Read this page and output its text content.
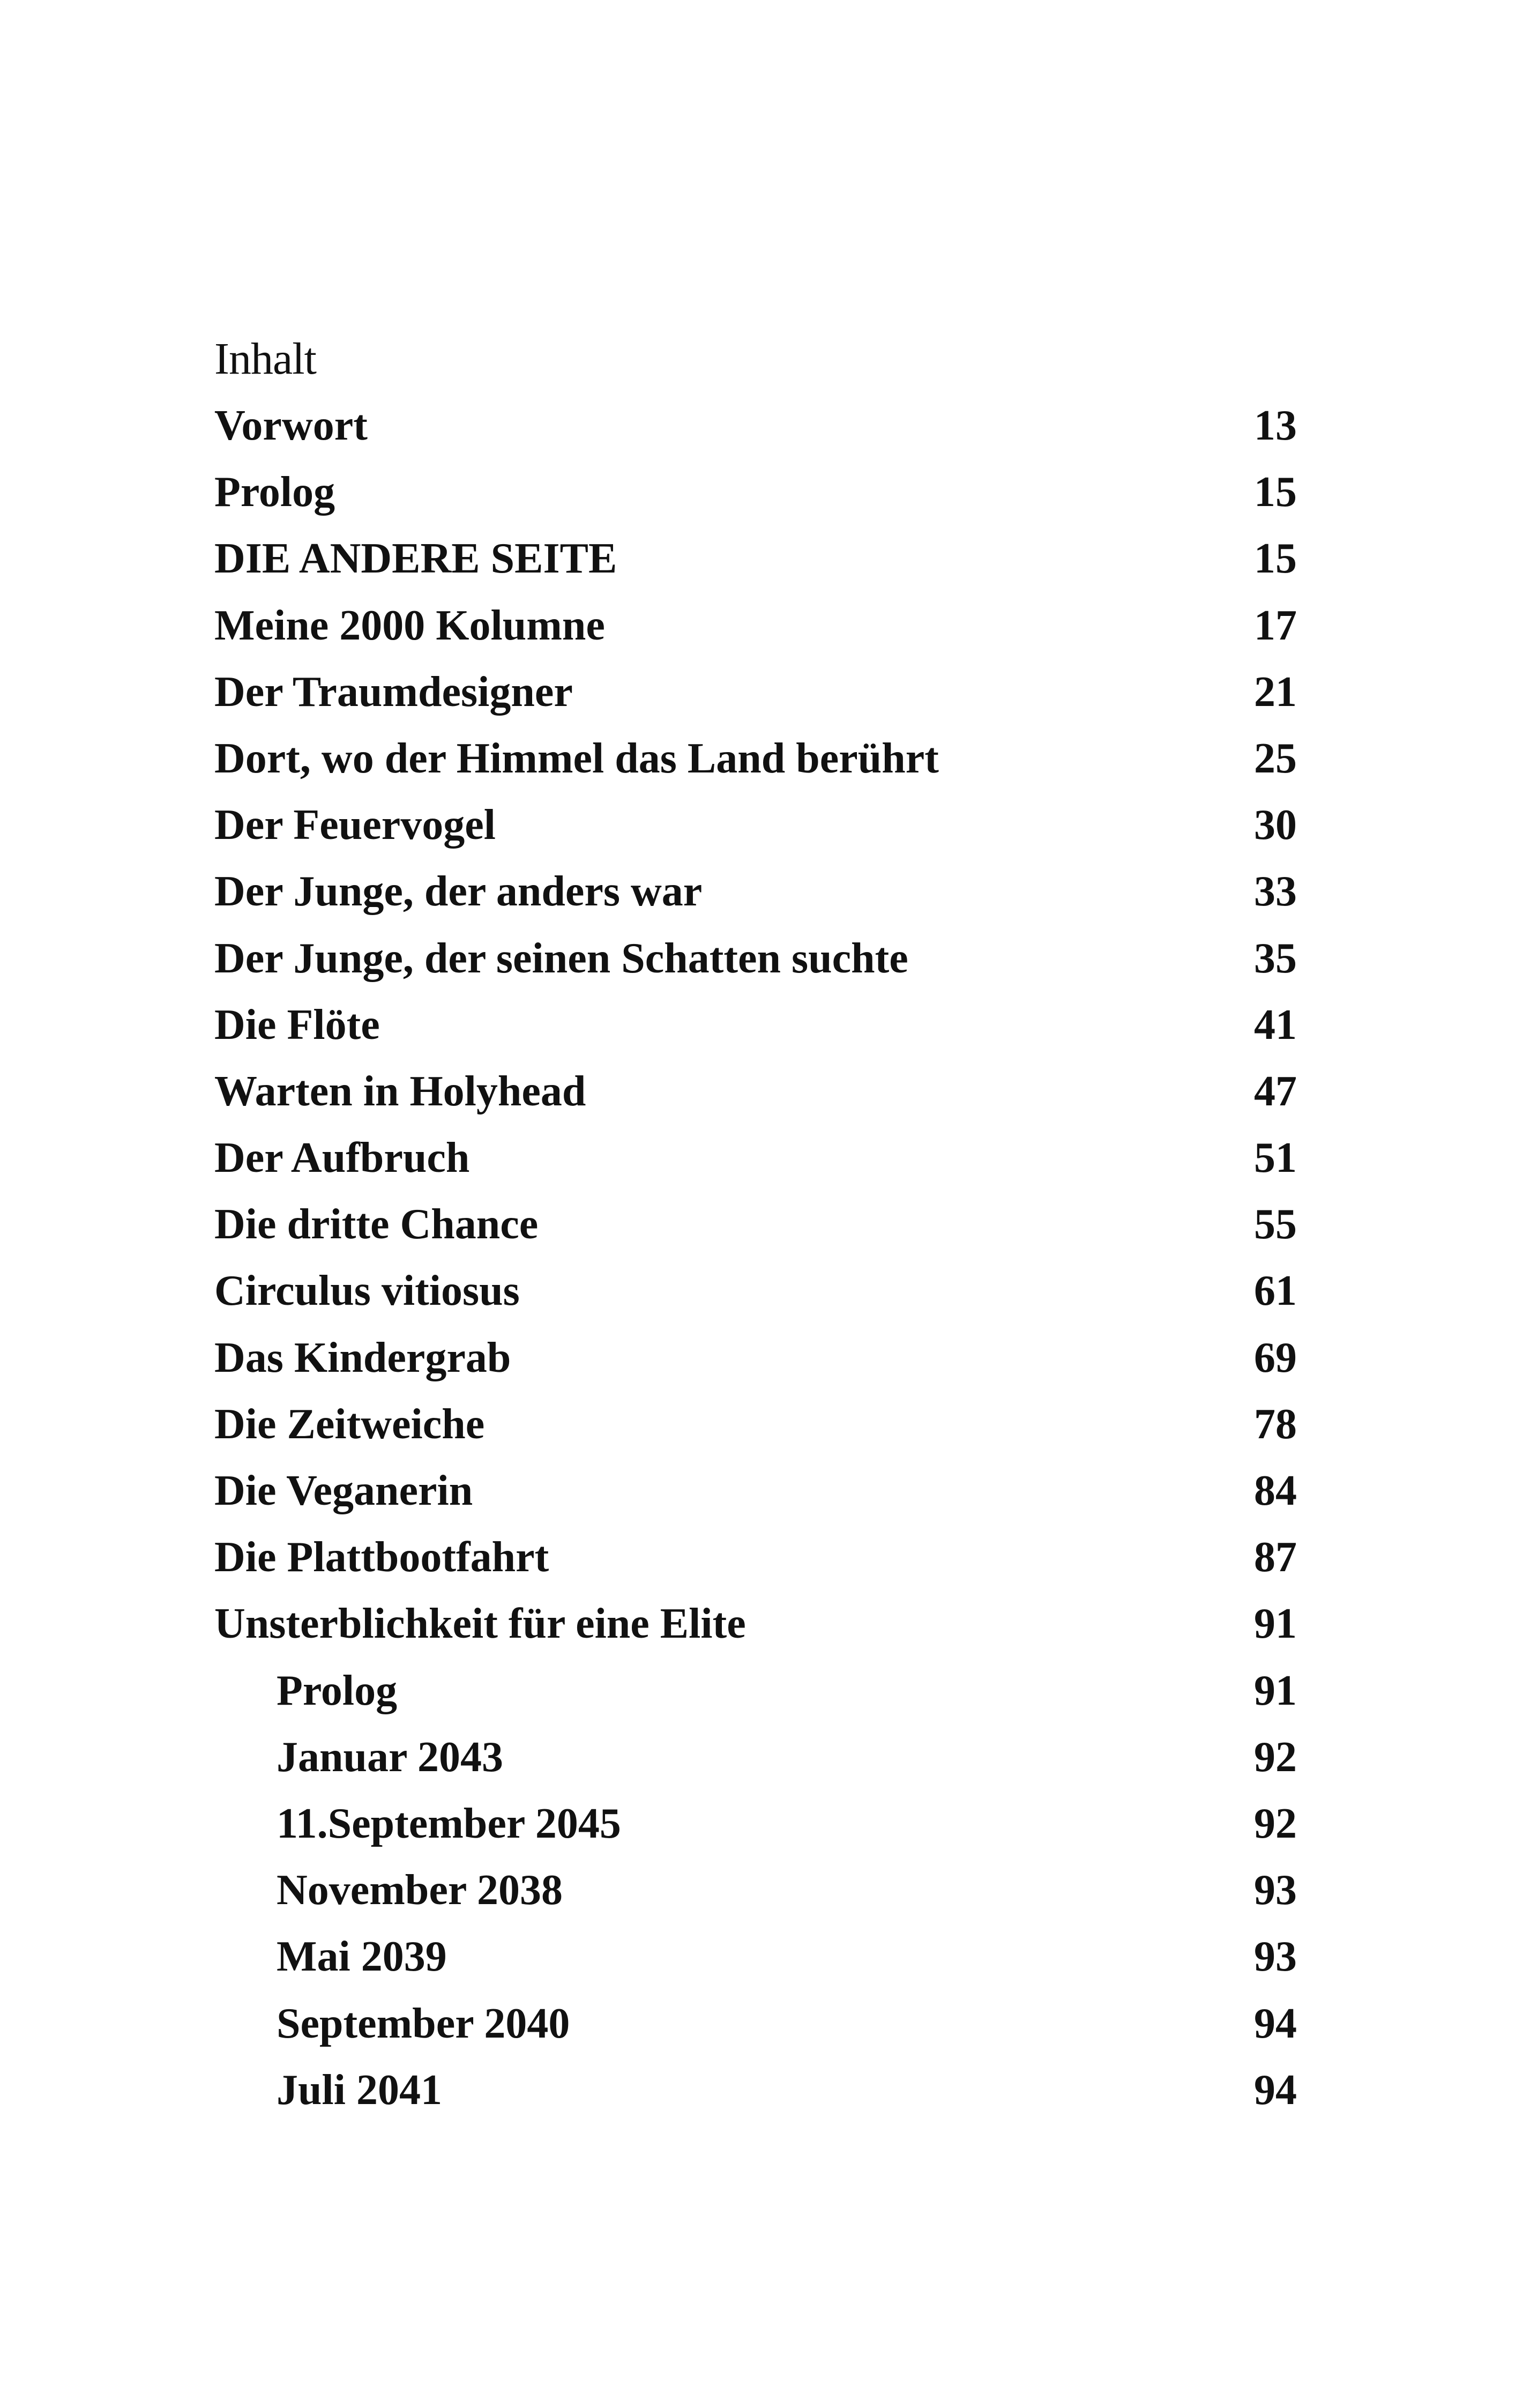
Inhalt
Vorwort	13
Prolog	15
DIE ANDERE SEITE	15
Meine 2000 Kolumne	17
Der Traumdesigner	21
Dort, wo der Himmel das Land berührt	25
Der Feuervogel	30
Der Junge, der anders war	33
Der Junge, der seinen Schatten suchte	35
Die Flöte	41
Warten in Holyhead	47
Der Aufbruch	51
Die dritte Chance	55
Circulus vitiosus	61
Das Kindergrab	69
Die Zeitweiche	78
Die Veganerin	84
Die Plattbootfahrt	87
Unsterblichkeit für eine Elite	91
Prolog	91
Januar 2043	92
11.September 2045	92
November 2038	93
Mai 2039	93
September 2040	94
Juli 2041	94
